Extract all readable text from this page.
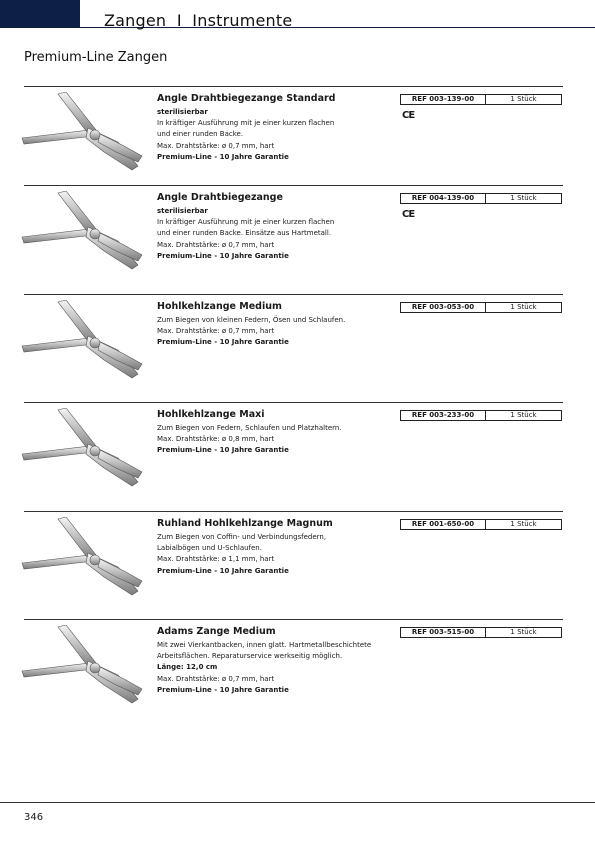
Zangen  I  Instrumente
Premium-Line Zangen
Angle Drahtbiegezange Standard
sterilisierbar
In kräftiger Ausführung mit je einer kurzen flachen
und einer runden Backe.
Max. Drahtstärke: ø 0,7 mm, hart
Premium-Line - 10 Jahre Garantie
REF 003-139-00	1 Stück
CE
Angle Drahtbiegezange
sterilisierbar
In kräftiger Ausführung mit je einer kurzen flachen
und einer runden Backe. Einsätze aus Hartmetall.
Max. Drahtstärke: ø 0,7 mm, hart
Premium-Line - 10 Jahre Garantie
REF 004-139-00	1 Stück
CE
Hohlkehlzange Medium
Zum Biegen von kleinen Federn, Ösen und Schlaufen.
Max. Drahtstärke: ø 0,7 mm, hart
Premium-Line - 10 Jahre Garantie
REF 003-053-00	1 Stück
Hohlkehlzange Maxi
Zum Biegen von Federn, Schlaufen und Platzhaltern.
Max. Drahtstärke: ø 0,8 mm, hart
Premium-Line - 10 Jahre Garantie
REF 003-233-00	1 Stück
Ruhland Hohlkehlzange Magnum
Zum Biegen von Coffin- und Verbindungsfedern,
Labialbögen und U-Schlaufen.
Max. Drahtstärke: ø 1,1 mm, hart
Premium-Line - 10 Jahre Garantie
REF 001-650-00	1 Stück
Adams Zange Medium
Mit zwei Vierkantbacken, innen glatt. Hartmetallbeschichtete
Arbeitsflächen. Reparaturservice werkseitig möglich.
Länge: 12,0 cm
Max. Drahtstärke: ø 0,7 mm, hart
Premium-Line - 10 Jahre Garantie
REF 003-515-00	1 Stück
346
